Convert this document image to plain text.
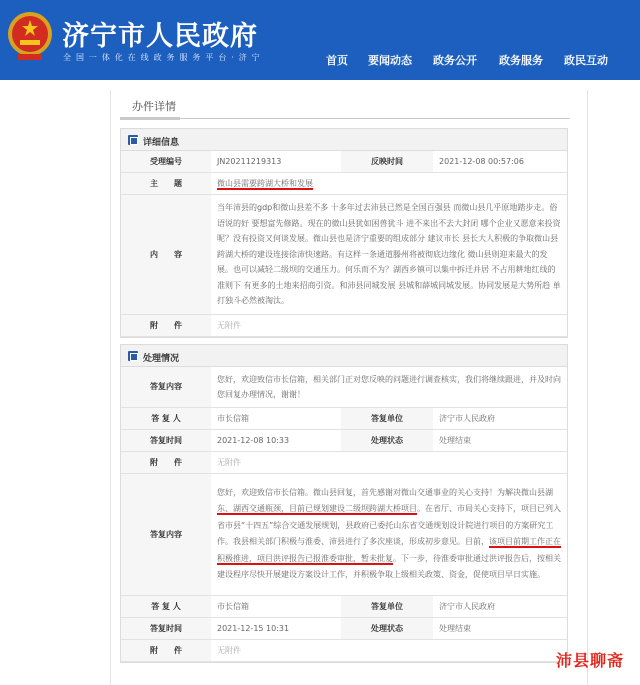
济宁市人民政府
全 国 一 体 化 在 线 政 务 服 务 平 台 · 济 宁	首页 要闻动态 政务公开 政务服务 政民互动
办件详情
详细信息
受理编号	JN20211219313	反映时间	2021-12-08 00:57:06
主　　题	微山县需要跨湖大桥和发展		
内　　容	当年沛县的gdp和微山县差不多 十多年过去沛县已然是全国百强县 而微山县几乎原地踏步走。俗语说的好 要想富先修路。现在的微山县犹如困兽犹斗 进不来出不去大封闭 哪个企业又愿意来投资呢？没有投资又何谈发展。微山县也是济宁重要的组成部分 建议市长 县长大人积极的争取微山县跨湖大桥的建设连接徐沛快速路。有这样一条通道滕州将被彻底边缘化 微山县则迎来最大的发展。也可以减轻二级坝的交通压力。何乐而不为？湖西乡镇可以集中拆迁并居 不占用耕地红线的准则下 有更多的土地来招商引资。和沛县同城发展 县城和薛城同城发展。协同发展是大势所趋 单打独斗必然被淘汰。		
附　　件	无附件		
处理情况
答复内容	您好，欢迎致信市长信箱，相关部门正对您反映的问题进行调查核实，我们将继续跟进，并及时向您回复办理情况，谢谢！		
答 复 人	市长信箱	答复单位	济宁市人民政府
答复时间	2021-12-08 10:33	处理状态	处理结束
附　　件	无附件		
答复内容	您好，欢迎致信市长信箱。微山县回复，首先感谢对微山交通事业的关心支持！为解决微山县湖东、湖西交通瓶颈，目前已规划建设二级坝跨湖大桥项目。在省厅、市局关心支持下，项目已列入省市县“十四五”综合交通发展规划，县政府已委托山东省交通规划设计院进行项目的方案研究工作。我县相关部门积极与淮委、沛县进行了多次座谈，形成初步意见。目前，该项目前期工作正在积极推进，项目洪评报告已报淮委审批，暂未批复。下一步，待淮委审批通过洪评报告后，按相关建设程序尽快开展建设方案设计工作，并积极争取上级相关政策、资金，促使项目早日实施。		
答 复 人	市长信箱	答复单位	济宁市人民政府
答复时间	2021-12-15 10:31	处理状态	处理结束
附　　件	无附件		
沛县聊斋
